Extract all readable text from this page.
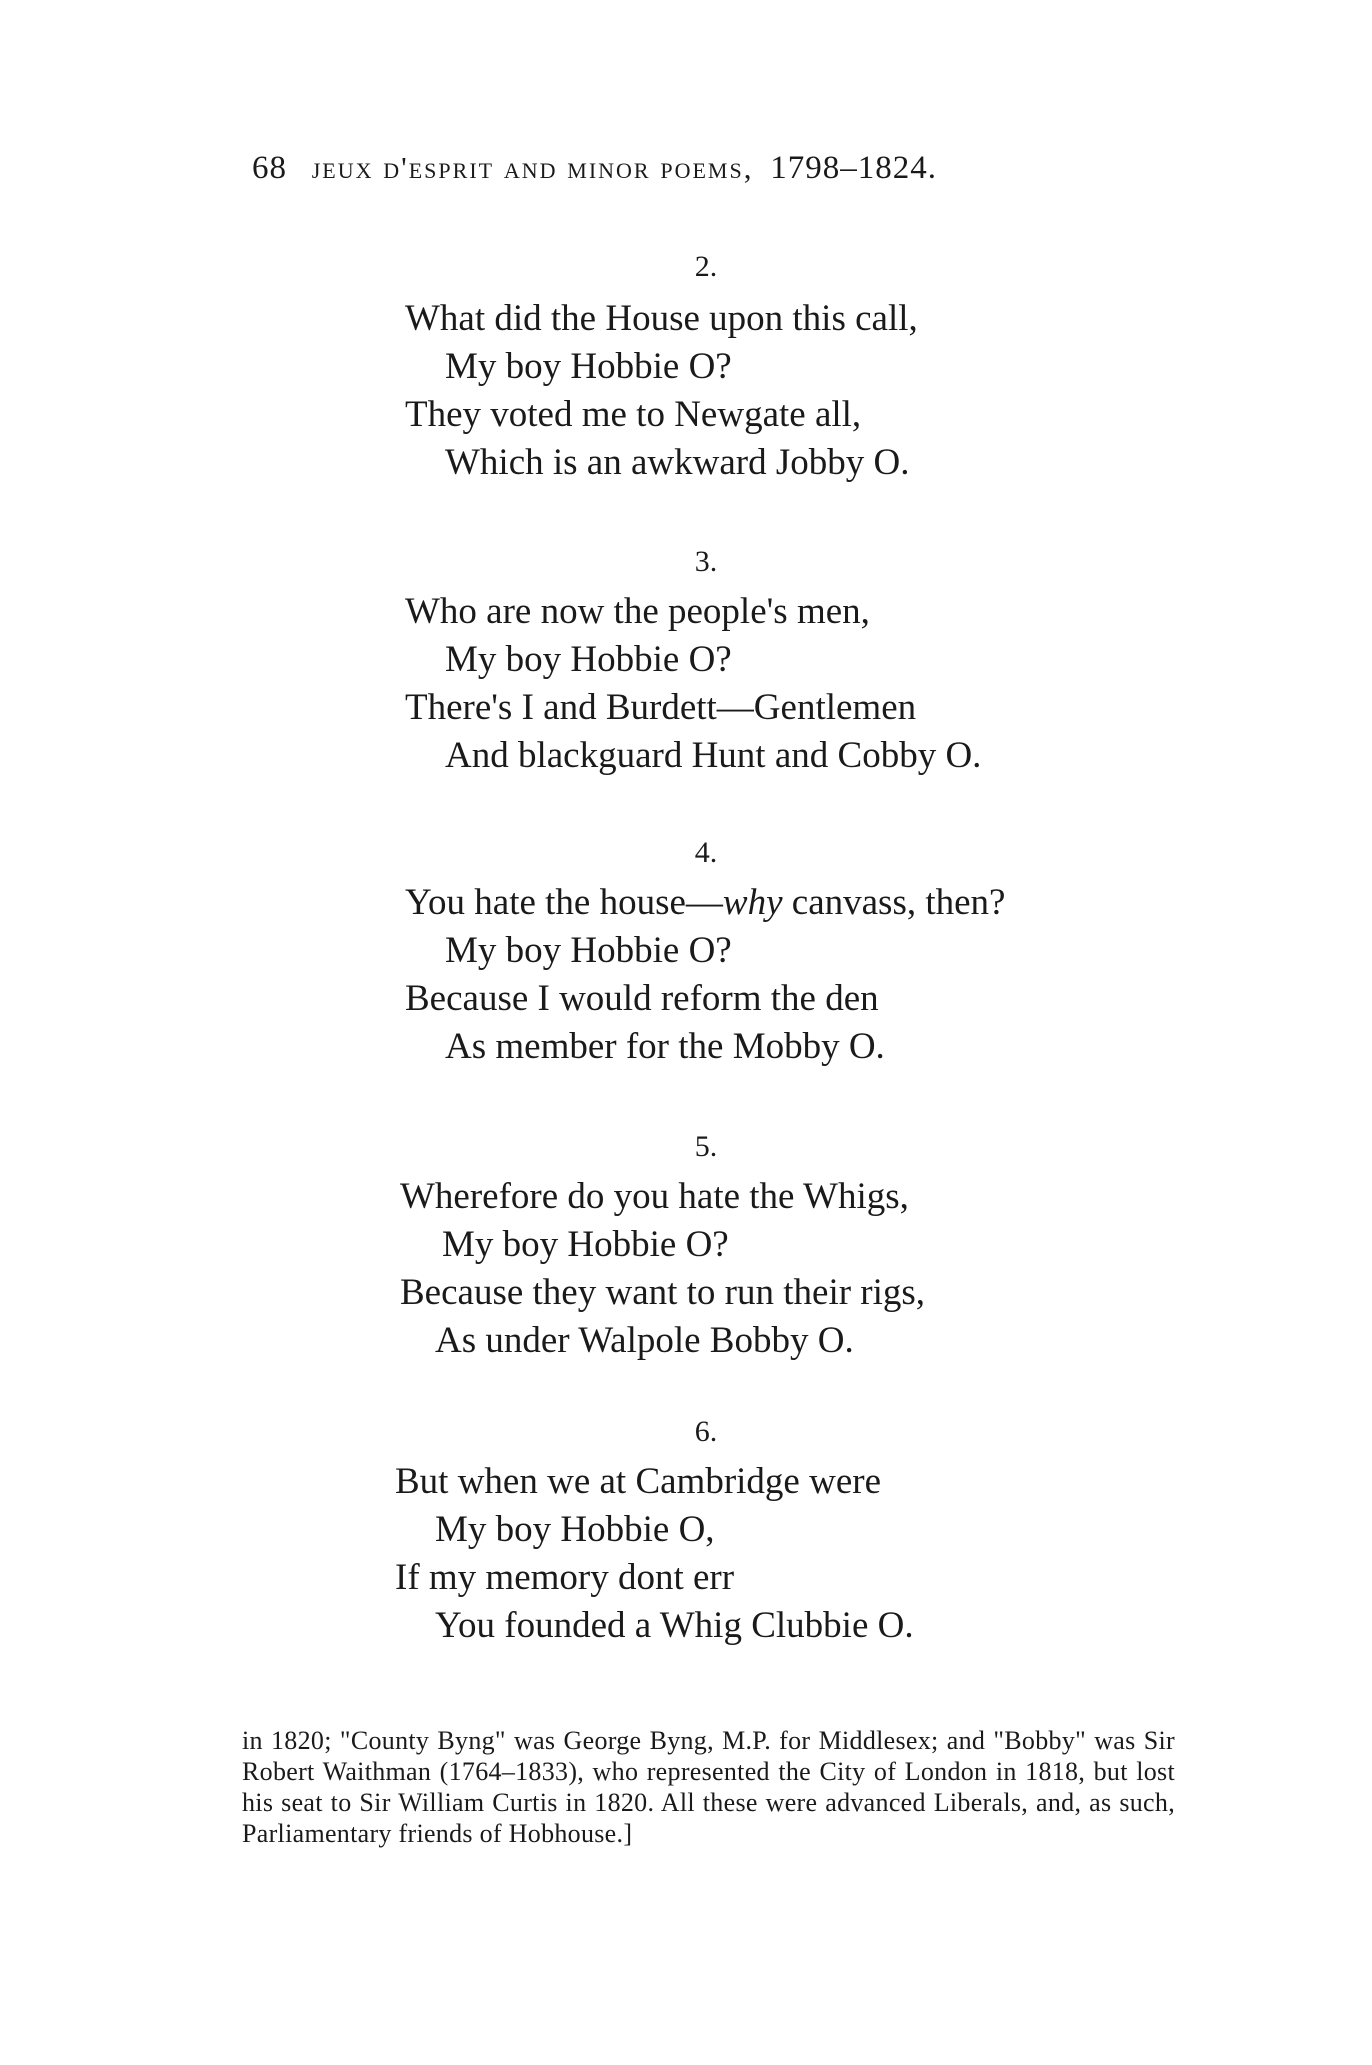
68 jeux d'esprit and minor poems, 1798–1824.
2.
What did the House upon this call,
My boy Hobbie O?
They voted me to Newgate all,
Which is an awkward Jobby O.
3.
Who are now the people's men,
My boy Hobbie O?
There's I and Burdett—Gentlemen
And blackguard Hunt and Cobby O.
4.
You hate the house—why canvass, then?
My boy Hobbie O?
Because I would reform the den
As member for the Mobby O.
5.
Wherefore do you hate the Whigs,
My boy Hobbie O?
Because they want to run their rigs,
As under Walpole Bobby O.
6.
But when we at Cambridge were
My boy Hobbie O,
If my memory dont err
You founded a Whig Clubbie O.
in 1820; "County Byng" was George Byng, M.P. for Middlesex; and "Bobby" was Sir Robert Waithman (1764–1833), who represented the City of London in 1818, but lost his seat to Sir William Curtis in 1820. All these were advanced Liberals, and, as such, Parliamentary friends of Hobhouse.]
